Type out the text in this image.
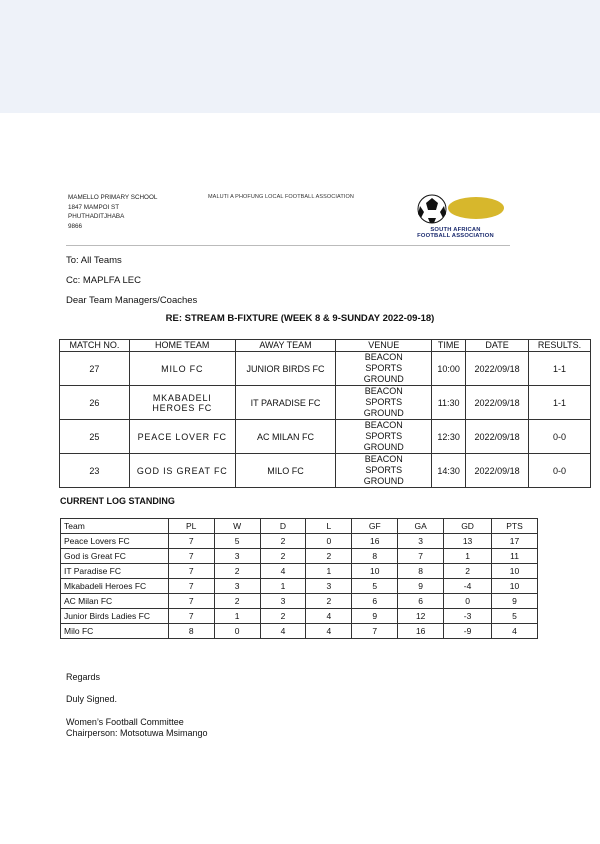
MAMELLO PRIMARY SCHOOL
1847 MAMPOI ST
PHUTHADITJHABA
9866
MALUTI A PHOFUNG LOCAL FOOTBALL ASSOCIATION
SOUTH AFRICAN
FOOTBALL ASSOCIATION
To: All Teams
Cc: MAPLFA LEC
Dear Team Managers/Coaches
RE: STREAM B-FIXTURE (WEEK 8 & 9-SUNDAY 2022-09-18)
MATCH NO.	HOME TEAM	AWAY TEAM	VENUE	TIME	DATE	RESULTS.
27	MILO FC	JUNIOR BIRDS FC	BEACON
SPORTS
GROUND	10:00	2022/09/18	1-1
26	MKABADELI HEROES FC	IT PARADISE FC	BEACON
SPORTS
GROUND	11:30	2022/09/18	1-1
25	PEACE LOVER FC	AC MILAN FC	BEACON
SPORTS
GROUND	12:30	2022/09/18	0-0
23	GOD IS GREAT FC	MILO FC	BEACON
SPORTS
GROUND	14:30	2022/09/18	0-0
CURRENT LOG STANDING
Team	PL	W	D	L	GF	GA	GD	PTS
Peace Lovers FC	7	5	2	0	16	3	13	17
God is Great FC	7	3	2	2	8	7	1	11
IT Paradise FC	7	2	4	1	10	8	2	10
Mkabadeli Heroes FC	7	3	1	3	5	9	-4	10
AC Milan FC	7	2	3	2	6	6	0	9
Junior Birds Ladies FC	7	1	2	4	9	12	-3	5
Milo FC	8	0	4	4	7	16	-9	4
Regards
Duly Signed.
Women’s Football Committee
Chairperson: Motsotuwa Msimango
